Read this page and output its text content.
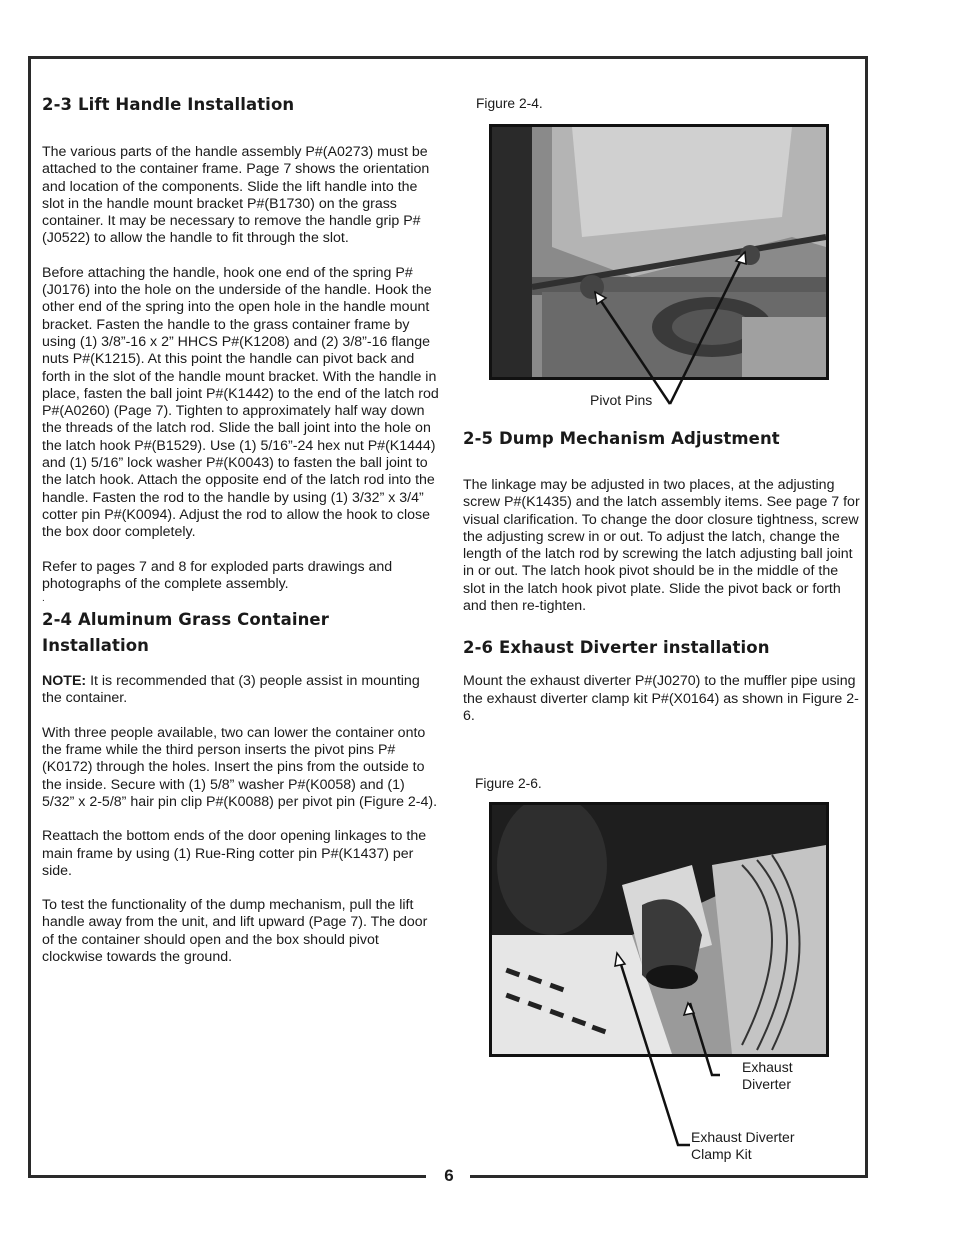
6
2-3 Lift Handle Installation

The various parts of the handle assembly P#(A0273) must be attached to the container frame. Page 7 shows the orientation and location of the components. Slide the lift handle into the slot in the handle mount bracket P#(B1730) on the grass container. It may be necessary to remove the handle grip P#(J0522) to allow the handle to fit through the slot.

Before attaching the handle, hook one end of the spring P#(J0176) into the hole on the underside of the handle. Hook the other end of the spring into the open hole in the handle mount bracket. Fasten the handle to the grass container frame by using (1) 3/8”-16 x 2” HHCS P#(K1208) and (2) 3/8”-16 flange nuts P#(K1215). At this point the handle can pivot back and forth in the slot of the handle mount bracket. With the handle in place, fasten the ball joint P#(K1442) to the end of the latch rod P#(A0260) (Page 7). Tighten to approximately half way down the threads of the latch rod. Slide the ball joint into the hole on the latch hook P#(B1529). Use (1) 5/16”-24 hex nut P#(K1444) and (1) 5/16” lock washer P#(K0043) to fasten the ball joint to the latch hook. Attach the opposite end of the latch rod into the handle. Fasten the rod to the handle by using (1) 3/32” x 3/4” cotter pin P#(K0094). Adjust the rod to allow the hook to close the box door completely.

Refer to pages 7 and 8 for exploded parts drawings and photographs of the complete assembly.

.

2-4 Aluminum Grass Container
Installation

NOTE: It is recommended that (3) people assist in mounting the container.

With three people available, two can lower the container onto the frame while the third person inserts the pivot pins P#(K0172) through the holes. Insert the pins from the outside to the inside. Secure with (1) 5/8” washer P#(K0058) and (1) 5/32” x 2-5/8” hair pin clip P#(K0088) per pivot pin (Figure 2-4).

Reattach the bottom ends of the door opening linkages to the main frame by using (1) Rue-Ring cotter pin P#(K1437) per side.

To test the functionality of the dump mechanism, pull the lift handle away from the unit, and lift upward (Page 7). The door of the container should open and the box should pivot clockwise towards the ground.

Figure 2-4.
Pivot Pins
2-5 Dump Mechanism Adjustment

The linkage may be adjusted in two places, at the adjusting screw P#(K1435) and the latch assembly items. See page 7 for visual clarification. To change the door closure tightness, screw the adjusting screw in or out. To adjust the latch, change the length of the latch rod by screwing the latch adjusting ball joint in or out. The latch hook pivot should be in the middle of the slot in the latch hook pivot plate. Slide the pivot back or forth and then re-tighten.

2-6 Exhaust Diverter installation

Mount the exhaust diverter P#(J0270) to the muffler pipe using the exhaust diverter clamp kit P#(X0164) as shown in Figure 2-6.

Figure 2-6.
Exhaust
Diverter
Exhaust Diverter
Clamp Kit
